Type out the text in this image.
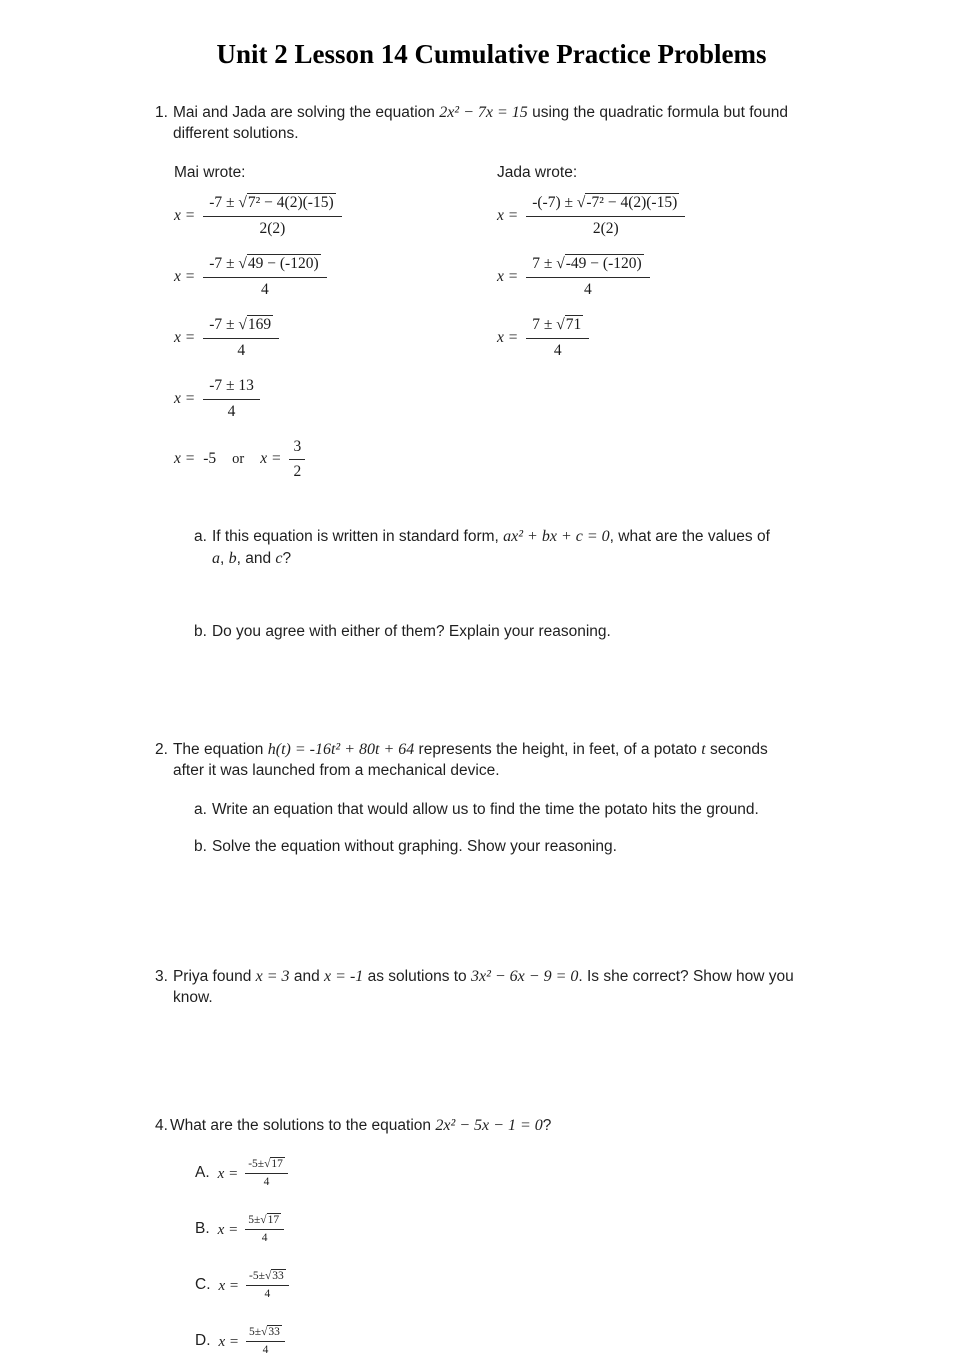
Unit 2 Lesson 14 Cumulative Practice Problems
1. Mai and Jada are solving the equation 2x² − 7x = 15 using the quadratic formula but found different solutions.
Mai wrote:
$x = \frac{\text{-7 ± √7² − 4(2)(-15)}}{2(2)}$
$x = \frac{-7 \pm √49 - (-120)}{4}$
$x = \frac{-7 \pm √169}{4}$
$x = \frac{-7 \pm 13}{4}$
x = -5 or $x = \frac{3}{2}$
Jada wrote:
$x = \frac{\text{-(-7) ± √-7² − 4(2)(-15)}}{2(2)}$
$x = \frac{7 \pm √-49 - (-120)}{4}$
$x = \frac{7 \pm √71}{4}$
a. If this equation is written in standard form, ax² + bx + c = 0, what are the values of a, b, and c?
b. Do you agree with either of them? Explain your reasoning.
2. The equation h(t) = -16t² + 80t + 64 represents the height, in feet, of a potato t seconds after it was launched from a mechanical device.
a. Write an equation that would allow us to find the time the potato hits the ground.
b. Solve the equation without graphing. Show your reasoning.
3. Priya found x = 3 and x = -1 as solutions to 3x² − 6x − 9 = 0. Is she correct? Show how you know.
4. What are the solutions to the equation 2x² − 5x − 1 = 0?
A. $x = \frac{-5\pm√17}{4}$
B. $x = \frac{5\pm√17}{4}$
C. $x = \frac{-5\pm√33}{4}$
D. $x = \frac{5\pm√33}{4}$
